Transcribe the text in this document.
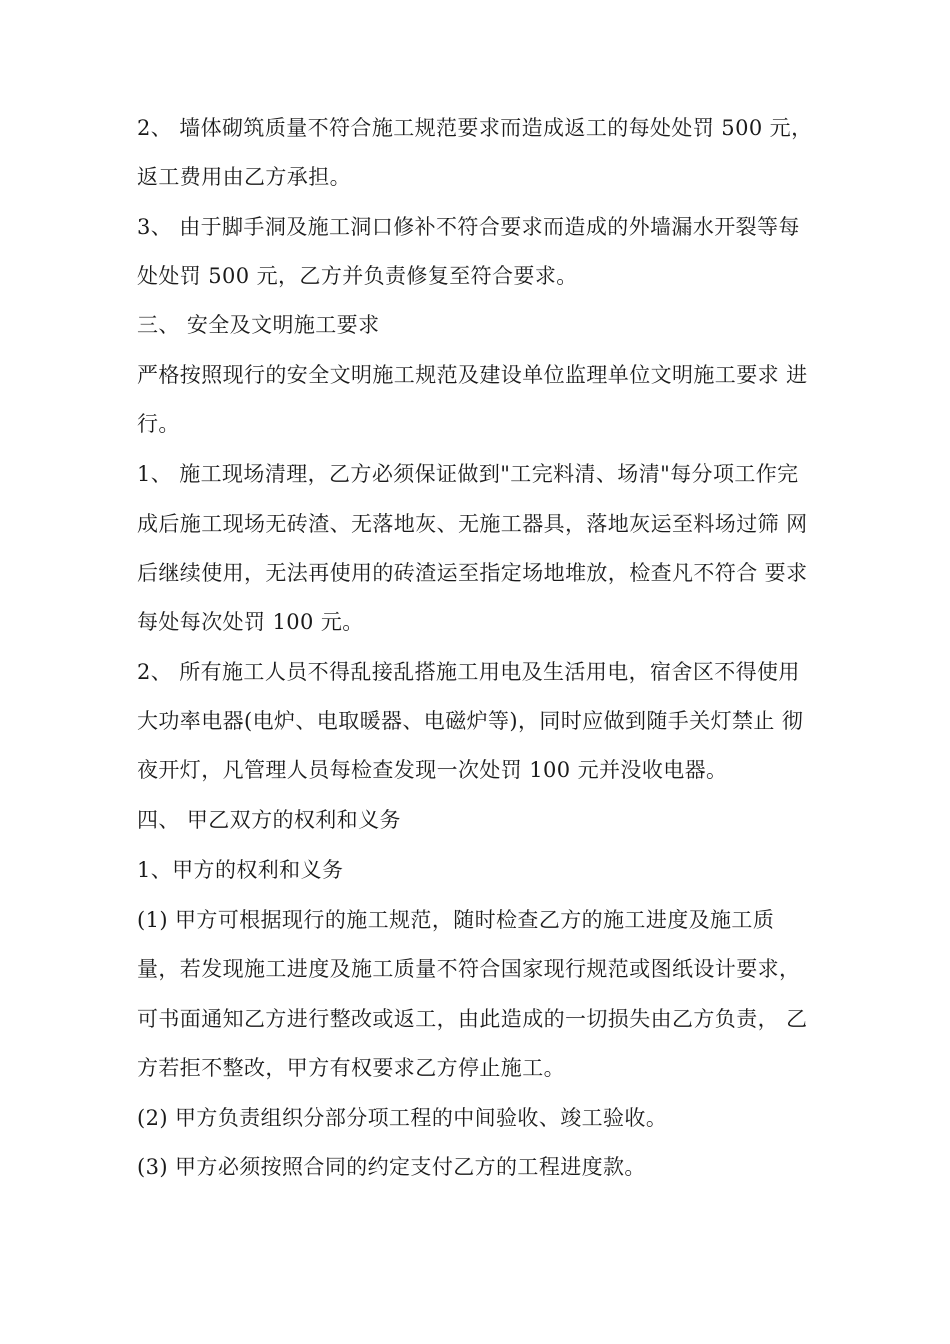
2、 墙体砌筑质量不符合施工规范要求而造成返工的每处处罚 500 元，
返工费用由乙方承担。
3、 由于脚手洞及施工洞口修补不符合要求而造成的外墙漏水开裂等每
处处罚 500 元，乙方并负责修复至符合要求。
三、 安全及文明施工要求
严格按照现行的安全文明施工规范及建设单位监理单位文明施工要求 进
行。
1、 施工现场清理，乙方必须保证做到"工完料清、场清"每分项工作完
成后施工现场无砖渣、无落地灰、无施工器具，落地灰运至料场过筛 网
后继续使用，无法再使用的砖渣运至指定场地堆放，检查凡不符合 要求
每处每次处罚 100 元。
2、 所有施工人员不得乱接乱搭施工用电及生活用电，宿舍区不得使用
大功率电器(电炉、电取暖器、电磁炉等)，同时应做到随手关灯禁止 彻
夜开灯，凡管理人员每检查发现一次处罚 100 元并没收电器。
四、 甲乙双方的权利和义务
1、甲方的权利和义务
(1) 甲方可根据现行的施工规范，随时检查乙方的施工进度及施工质
量，若发现施工进度及施工质量不符合国家现行规范或图纸设计要求，
可书面通知乙方进行整改或返工，由此造成的一切损失由乙方负责， 乙
方若拒不整改，甲方有权要求乙方停止施工。
(2) 甲方负责组织分部分项工程的中间验收、竣工验收。
(3) 甲方必须按照合同的约定支付乙方的工程进度款。
